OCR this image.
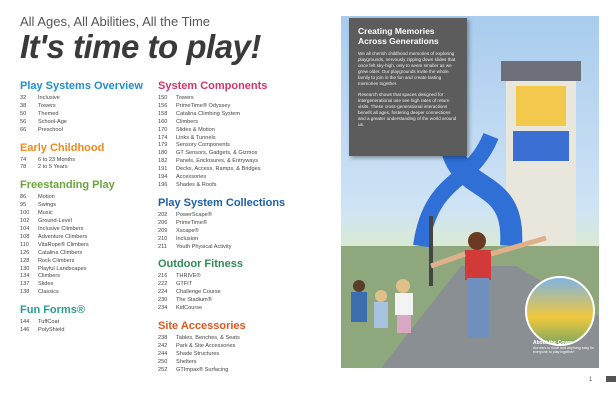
All Ages, All Abilities, All the Time
It's time to play!
Play Systems Overview
32 Inclusive
38 Towers
50 Themed
56 School-Age
66 Preschool
Early Childhood
74 6 to 23 Months
78 2 to 5 Years
Freestanding Play
86 Motion
95 Swings
100 Music
102 Ground-Level
104 Inclusive Climbers
108 Adventure Climbers
110 VitaRope® Climbers
126 Catalina Climbers
128 Rock Climbers
130 Playful Landscapes
134 Climbers
137 Slides
138 Classics
Fun Forms®
144 TuffCoat
146 PolyShield
System Components
150 Towers
156 PrimeTime® Odyssey
158 Catalina Climbing System
160 Climbers
170 Slides & Motion
174 Links & Tunnels
179 Sensory Components
180 GT Sensors, Gadgets, & Gizmos
182 Panels, Enclosures, & Entryways
191 Decks, Access, Ramps, & Bridges
194 Accessories
196 Shades & Roofs
Play System Collections
202 PowerScape®
206 PrimeTime®
209 Xscape®
210 Inclusion
211 Youth Physical Activity
Outdoor Fitness
216 THRIVE®
222 GTFIT
224 Challenge Course
230 The Stadium®
234 KidCourse
Site Accessories
238 Tables, Benches, & Seats
242 Park & Site Accessories
244 Shade Structures
250 Shelters
252 GTImpax® Surfacing
Creating Memories
Across Generations
We all cherish childhood memories of exploring playgrounds, nervously zipping down slides that once felt sky-high, only to seem smaller as we grew older. Our playgrounds invite the whole family to join in the fun and create lasting memories together.
Research shows that spaces designed for intergenerational use see high rates of return visits. These cross-generational interactions benefit all ages, fostering deeper connections and a greater understanding of the world around us.
About the Cover
Aurora's is more and anything easy for everyone to play together!
1
